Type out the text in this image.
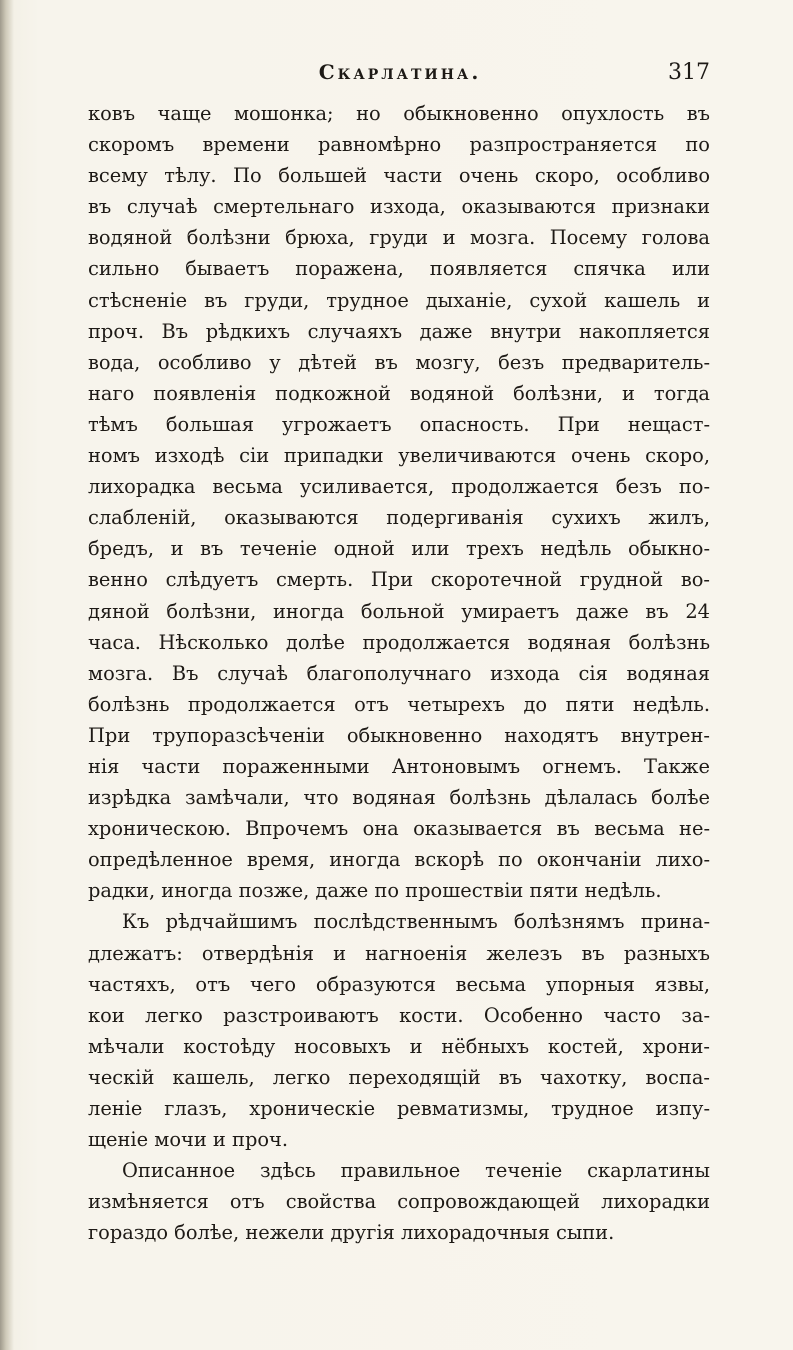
Скарлатина.	317
ковъ чаще мошонка; но обыкновенно опухлость въ
скоромъ времени равномѣрно разпространяется по
всему тѣлу. По большей части очень скоро, особливо
въ случаѣ смертельнаго изхода, оказываются признаки
водяной болѣзни брюха, груди и мозга. Посему голова
сильно бываетъ поражена, появляется спячка или
стѣсненіе въ груди, трудное дыханіе, сухой кашель и
проч. Въ рѣдкихъ случаяхъ даже внутри накопляется
вода, особливо у дѣтей въ мозгу, безъ предваритель-
наго появленія подкожной водяной болѣзни, и тогда
тѣмъ большая угрожаетъ опасность. При нещаст-
номъ изходѣ сіи припадки увеличиваются очень скоро,
лихорадка весьма усиливается, продолжается безъ по-
слабленій, оказываются подергиванія сухихъ жилъ,
бредъ, и въ теченіе одной или трехъ недѣль обыкно-
венно слѣдуетъ смерть. При скоротечной грудной во-
дяной болѣзни, иногда больной умираетъ даже въ 24
часа. Нѣсколько долѣе продолжается водяная болѣзнь
мозга. Въ случаѣ благополучнаго изхода сія водяная
болѣзнь продолжается отъ четырехъ до пяти недѣль.
При трупоразсѣченіи обыкновенно находятъ внутрен-
нія части пораженными Антоновымъ огнемъ. Также
изрѣдка замѣчали, что водяная болѣзнь дѣлалась болѣе
хроническою. Впрочемъ она оказывается въ весьма не-
опредѣленное время, иногда вскорѣ по окончаніи лихо-
радки, иногда позже, даже по прошествіи пяти недѣль.
Къ рѣдчайшимъ послѣдственнымъ болѣзнямъ принa-
длежатъ: отвердѣнія и нагноенія железъ въ разныхъ
частяхъ, отъ чего образуются весьма упорныя язвы,
кои легко разстроиваютъ кости. Особенно часто за-
мѣчали костоѣду носовыхъ и нёбныхъ костей, хрони-
ческій кашель, легко переходящій въ чахотку, воспа-
леніе глазъ, хроническіе ревматизмы, трудное изпу-
щеніе мочи и проч.
Описанное здѣсь правильное теченіе скарлатины
измѣняется отъ свойства сопровождающей лихорадки
гораздо болѣе, нежели другія лихорадочныя сыпи.
